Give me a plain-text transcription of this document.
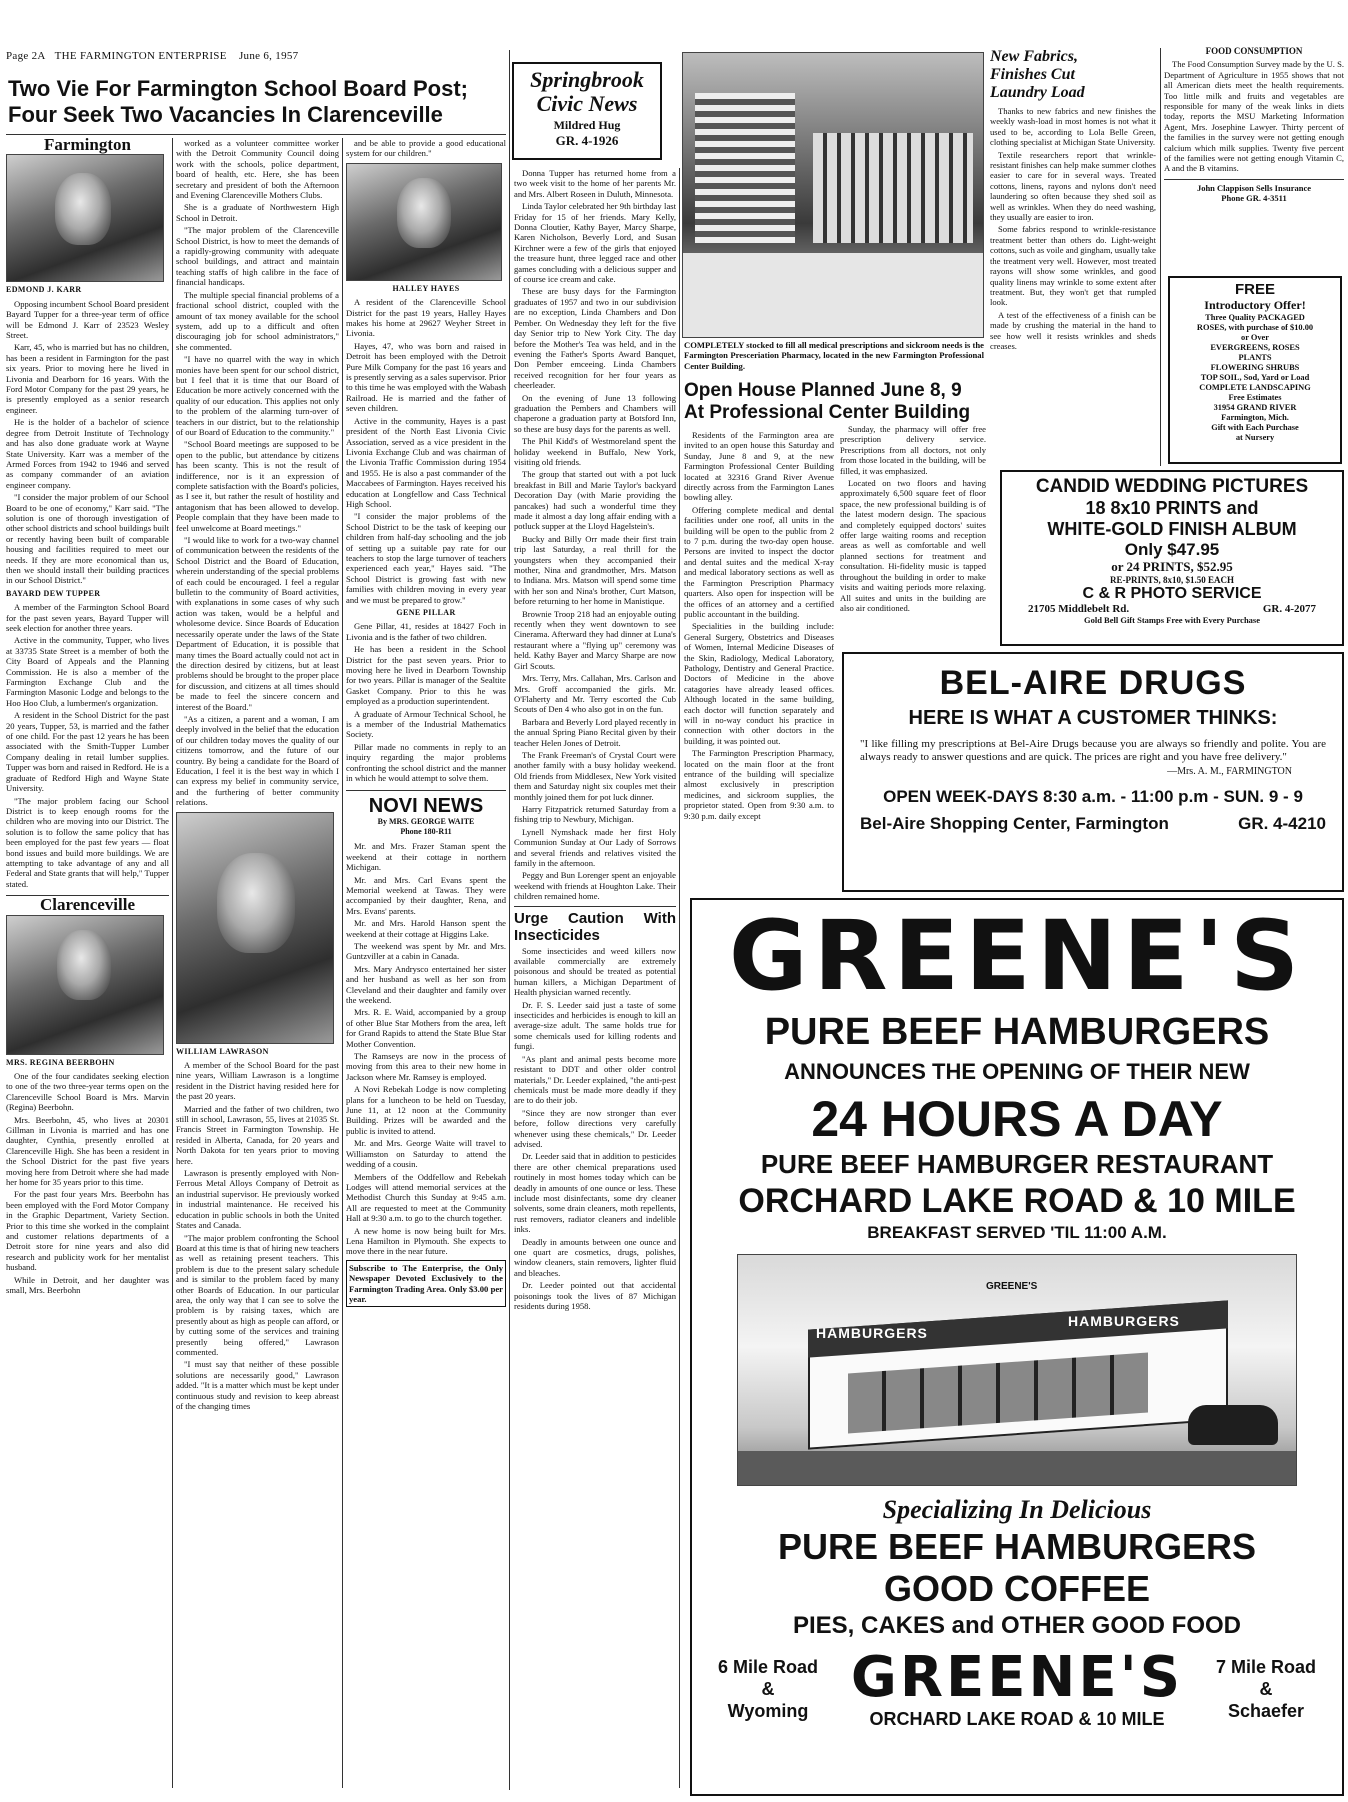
Page 2A THE FARMINGTON ENTERPRISE June 6, 1957
Two Vie For Farmington School Board Post;
Four Seek Two Vacancies In Clarenceville
Farmington
EDMOND J. KARR

Opposing incumbent School Board president Bayard Tupper for a three-year term of office will be Edmond J. Karr of 23523 Wesley Street.

Karr, 45, who is married but has no children, has been a resident in Farmington for the past six years. Prior to moving here he lived in Livonia and Dearborn for 16 years. With the Ford Motor Company for the past 29 years, he is presently employed as a senior research engineer.

He is the holder of a bachelor of science degree from Detroit Institute of Technology and has also done graduate work at Wayne State University. Karr was a member of the Armed Forces from 1942 to 1946 and served as company commander of an aviation engineer company.

"I consider the major problem of our School Board to be one of economy," Karr said. "The solution is one of thorough investigation of other school districts and school buildings built or recently having been built of comparable housing and facilities required to meet our needs. If they are more economical than us, then we should install their building practices in our School District."

BAYARD DEW TUPPER

A member of the Farmington School Board for the past seven years, Bayard Tupper will seek election for another three years.

Active in the community, Tupper, who lives at 33735 State Street is a member of both the City Board of Appeals and the Planning Commission. He is also a member of the Farmington Exchange Club and the Farmington Masonic Lodge and belongs to the Hoo Hoo Club, a lumbermen's organization.

A resident in the School District for the past 20 years, Tupper, 53, is married and the father of one child. For the past 12 years he has been associated with the Smith-Tupper Lumber Company dealing in retail lumber supplies. Tupper was born and raised in Redford. He is a graduate of Redford High and Wayne State University.

"The major problem facing our School District is to keep enough rooms for the children who are moving into our District. The solution is to follow the same policy that has been employed for the past few years — float bond issues and build more buildings. We are attempting to take advantage of any and all Federal and State grants that will help," Tupper stated.

Clarenceville
MRS. REGINA BEERBOHN

One of the four candidates seeking election to one of the two three-year terms open on the Clarenceville School Board is Mrs. Marvin (Regina) Beerbohn.

Mrs. Beerbohn, 45, who lives at 20301 Gillman in Livonia is married and has one daughter, Cynthia, presently enrolled at Clarenceville High. She has been a resident in the School District for the past five years moving here from Detroit where she had made her home for 35 years prior to this time.

For the past four years Mrs. Beerbohn has been employed with the Ford Motor Company in the Graphic Department, Variety Section. Prior to this time she worked in the complaint and customer relations departments of a Detroit store for nine years and also did research and publicity work for her mentalist husband.

While in Detroit, and her daughter was small, Mrs. Beerbohn

worked as a volunteer committee worker with the Detroit Community Council doing work with the schools, police department, board of health, etc. Here, she has been secretary and president of both the Afternoon and Evening Clarenceville Mothers Clubs.

She is a graduate of Northwestern High School in Detroit.

"The major problem of the Clarenceville School District, is how to meet the demands of a rapidly-growing community with adequate school buildings, and attract and maintain teaching staffs of high calibre in the face of financial handicaps.

The multiple special financial problems of a fractional school district, coupled with the amount of tax money available for the school system, add up to a difficult and often discouraging job for school administrators," she commented.

"I have no quarrel with the way in which monies have been spent for our school district, but I feel that it is time that our Board of Education be more actively concerned with the quality of our education. This applies not only to the problem of the alarming turn-over of teachers in our district, but to the relationship of our Board of Education to the community."

"School Board meetings are supposed to be open to the public, but attendance by citizens has been scanty. This is not the result of indifference, nor is it an expression of complete satisfaction with the Board's policies, as I see it, but rather the result of hostility and antagonism that has been allowed to develop. People complain that they have been made to feel unwelcome at Board meetings."

"I would like to work for a two-way channel of communication between the residents of the School District and the Board of Education, wherein understanding of the special problems of each could be encouraged. I feel a regular bulletin to the community of Board activities, with explanations in some cases of why such action was taken, would be a helpful and wholesome device. Since Boards of Education necessarily operate under the laws of the State Department of Education, it is possible that many times the Board actually could not act in the direction desired by citizens, but at least problems should be brought to the proper place for discussion, and citizens at all times should be made to feel the sincere concern and interest of the Board."

"As a citizen, a parent and a woman, I am deeply involved in the belief that the education of our children today moves the quality of our citizens tomorrow, and the future of our country. By being a candidate for the Board of Education, I feel it is the best way in which I can express my belief in community service, and the furthering of better community relations.

WILLIAM LAWRASON

A member of the School Board for the past nine years, William Lawrason is a longtime resident in the District having resided here for the past 20 years.

Married and the father of two children, two still in school, Lawrason, 55, lives at 21035 St. Francis Street in Farmington Township. He resided in Alberta, Canada, for 20 years and North Dakota for ten years prior to moving here.

Lawrason is presently employed with Non-Ferrous Metal Alloys Company of Detroit as an industrial supervisor. He previously worked in industrial maintenance. He received his education in public schools in both the United States and Canada.

"The major problem confronting the School Board at this time is that of hiring new teachers as well as retaining present teachers. This problem is due to the present salary schedule and is similar to the problem faced by many other Boards of Education. In our particular area, the only way that I can see to solve the problem is by raising taxes, which are presently about as high as people can afford, or by cutting some of the services and training presently being offered," Lawrason commented.

"I must say that neither of these possible solutions are necessarily good," Lawrason added. "It is a matter which must be kept under continuous study and revision to keep abreast of the changing times

and be able to provide a good educational system for our children."

HALLEY HAYES

A resident of the Clarenceville School District for the past 19 years, Halley Hayes makes his home at 29627 Weyher Street in Livonia.

Hayes, 47, who was born and raised in Detroit has been employed with the Detroit Pure Milk Company for the past 16 years and is presently serving as a sales supervisor. Prior to this time he was employed with the Wabash Railroad. He is married and the father of seven children.

Active in the community, Hayes is a past president of the North East Livonia Civic Association, served as a vice president in the Livonia Exchange Club and was chairman of the Livonia Traffic Commission during 1954 and 1955. He is also a past commander of the Maccabees of Farmington. Hayes received his education at Longfellow and Cass Technical High School.

"I consider the major problems of the School District to be the task of keeping our children from half-day schooling and the job of setting up a suitable pay rate for our teachers to stop the large turnover of teachers experienced each year," Hayes said. "The School District is growing fast with new families with children moving in every year and we must be prepared to grow."

GENE PILLAR

Gene Pillar, 41, resides at 18427 Foch in Livonia and is the father of two children.

He has been a resident in the School District for the past seven years. Prior to moving here he lived in Dearborn Township for two years. Pillar is manager of the Sealtite Gasket Company. Prior to this he was employed as a production superintendent.

A graduate of Armour Technical School, he is a member of the Industrial Mathematics Society.

Pillar made no comments in reply to an inquiry regarding the major problems confronting the school district and the manner in which he would attempt to solve them.

NOVI NEWS
By MRS. GEORGE WAITE
Phone 180-R11

Mr. and Mrs. Frazer Staman spent the weekend at their cottage in northern Michigan.

Mr. and Mrs. Carl Evans spent the Memorial weekend at Tawas. They were accompanied by their daughter, Rena, and Mrs. Evans' parents.

Mr. and Mrs. Harold Hanson spent the weekend at their cottage at Higgins Lake.

The weekend was spent by Mr. and Mrs. Guntzviller at a cabin in Canada.

Mrs. Mary Andrysco entertained her sister and her husband as well as her son from Cleveland and their daughter and family over the weekend.

Mrs. R. E. Waid, accompanied by a group of other Blue Star Mothers from the area, left for Grand Rapids to attend the State Blue Star Mother Convention.

The Ramseys are now in the process of moving from this area to their new home in Jackson where Mr. Ramsey is employed.

A Novi Rebekah Lodge is now completing plans for a luncheon to be held on Tuesday, June 11, at 12 noon at the Community Building. Prizes will be awarded and the public is invited to attend.

Mr. and Mrs. George Waite will travel to Williamston on Saturday to attend the wedding of a cousin.

Members of the Oddfellow and Rebekah Lodges will attend memorial services at the Methodist Church this Sunday at 9:45 a.m. All are requested to meet at the Community Hall at 9:30 a.m. to go to the church together.

A new home is now being built for Mrs. Lena Hamilton in Plymouth. She expects to move there in the near future.

Subscribe to The Enterprise, the Only Newspaper Devoted Exclusively to the Farmington Trading Area. Only $3.00 per year.
Springbrook
Civic News
Mildred Hug
GR. 4-1926

Donna Tupper has returned home from a two week visit to the home of her parents Mr. and Mrs. Albert Roseen in Duluth, Minnesota.

Linda Taylor celebrated her 9th birthday last Friday for 15 of her friends. Mary Kelly, Donna Cloutier, Kathy Bayer, Marcy Sharpe, Karen Nicholson, Beverly Lord, and Susan Kirchner were a few of the girls that enjoyed the treasure hunt, three legged race and other games concluding with a delicious supper and of course ice cream and cake.

These are busy days for the Farmington graduates of 1957 and two in our subdivision are no exception, Linda Chambers and Don Pember. On Wednesday they left for the five day Senior trip to New York City. The day before the Mother's Tea was held, and in the evening the Father's Sports Award Banquet, Don Pember emceeing. Linda Chambers received recognition for her four years as cheerleader.

On the evening of June 13 following graduation the Pembers and Chambers will chaperone a graduation party at Botsford Inn, so these are busy days for the parents as well.

The Phil Kidd's of Westmoreland spent the holiday weekend in Buffalo, New York, visiting old friends.

The group that started out with a pot luck breakfast in Bill and Marie Taylor's backyard Decoration Day (with Marie providing the pancakes) had such a wonderful time they made it almost a day long affair ending with a potluck supper at the Lloyd Hagelstein's.

Bucky and Billy Orr made their first train trip last Saturday, a real thrill for the youngsters when they accompanied their mother, Nina and grandmother, Mrs. Matson to Indiana. Mrs. Matson will spend some time with her son and Nina's brother, Curt Matson, before returning to her home in Manistique.

Brownie Troop 218 had an enjoyable outing recently when they went downtown to see Cinerama. Afterward they had dinner at Luna's restaurant where a "flying up" ceremony was held. Kathy Bayer and Marcy Sharpe are now Girl Scouts.

Mrs. Terry, Mrs. Callahan, Mrs. Carlson and Mrs. Groff accompanied the girls. Mr. O'Flaherty and Mr. Terry escorted the Cub Scouts of Den 4 who also got in on the fun.

Barbara and Beverly Lord played recently in the annual Spring Piano Recital given by their teacher Helen Jones of Detroit.

The Frank Freeman's of Crystal Court were another family with a busy holiday weekend. Old friends from Middlesex, New York visited them and Saturday night six couples met their monthly joined them for pot luck dinner.

Harry Fitzpatrick returned Saturday from a fishing trip to Newbury, Michigan.

Lynell Nymshack made her first Holy Communion Sunday at Our Lady of Sorrows and several friends and relatives visited the family in the afternoon.

Peggy and Bun Lorenger spent an enjoyable weekend with friends at Houghton Lake. Their children remained home.

Urge Caution With Insecticides

Some insecticides and weed killers now available commercially are extremely poisonous and should be treated as potential human killers, a Michigan Department of Health physician warned recently.

Dr. F. S. Leeder said just a taste of some insecticides and herbicides is enough to kill an average-size adult. The same holds true for some chemicals used for killing rodents and fungi.

"As plant and animal pests become more resistant to DDT and other older control materials," Dr. Leeder explained, "the anti-pest chemicals must be made more deadly if they are to do their job.

"Since they are now stronger than ever before, follow directions very carefully whenever using these chemicals," Dr. Leeder advised.

Dr. Leeder said that in addition to pesticides there are other chemical preparations used routinely in most homes today which can be deadly in amounts of one ounce or less. These include most disinfectants, some dry cleaner solvents, some drain cleaners, moth repellents, rust removers, radiator cleaners and indelible inks.

Deadly in amounts between one ounce and one quart are cosmetics, drugs, polishes, window cleaners, stain removers, lighter fluid and bleaches.

Dr. Leeder pointed out that accidental poisonings took the lives of 87 Michigan residents during 1958.

COMPLETELY stocked to fill all medical prescriptions and sickroom needs is the Farmington Presceriation Pharmacy, located in the new Farmington Professional Center Building.
Open House Planned June 8, 9
At Professional Center Building

Residents of the Farmington area are invited to an open house this Saturday and Sunday, June 8 and 9, at the new Farmington Professional Center Building located at 32316 Grand River Avenue directly across from the Farmington Lanes bowling alley.

Offering complete medical and dental facilities under one roof, all units in the building will be open to the public from 2 to 7 p.m. during the two-day open house. Persons are invited to inspect the doctor and dental suites and the medical X-ray and medical laboratory sections as well as the Farmington Prescription Pharmacy quarters. Also open for inspection will be the offices of an attorney and a certified public accountant in the building.

Specialities in the building include: General Surgery, Obstetrics and Diseases of Women, Internal Medicine Diseases of the Skin, Radiology, Medical Laboratory, Pathology, Dentistry and General Practice. Doctors of Medicine in the above catagories have already leased offices. Although located in the same building, each doctor will function separately and will in no-way conduct his practice in connection with other doctors in the building, it was pointed out.

The Farmington Prescription Pharmacy, located on the main floor at the front entrance of the building will specialize almost exclusively in prescription medicines, and sickroom supplies, the proprietor stated. Open from 9:30 a.m. to 9:30 p.m. daily except

Sunday, the pharmacy will offer free prescription delivery service. Prescriptions from all doctors, not only from those located in the building, will be filled, it was emphasized.

Located on two floors and having approximately 6,500 square feet of floor space, the new professional building is of the latest modern design. The spacious and completely equipped doctors' suites offer large waiting rooms and reception areas as well as comfortable and well planned sections for treatment and consultation. Hi-fidelity music is tapped throughout the building in order to make visits and waiting periods more relaxing. All suites and units in the building are also air conditioned.

New Fabrics,
Finishes Cut
Laundry Load

Thanks to new fabrics and new finishes the weekly wash-load in most homes is not what it used to be, according to Lola Belle Green, clothing specialist at Michigan State University.

Textile researchers report that wrinkle-resistant finishes can help make summer clothes easier to care for in several ways. Treated cottons, linens, rayons and nylons don't need laundering so often because they shed soil as well as wrinkles. When they do need washing, they usually are easier to iron.

Some fabrics respond to wrinkle-resistance treatment better than others do. Light-weight cottons, such as voile and gingham, usually take the treatment very well. However, most treated rayons will show some wrinkles, and good quality linens may wrinkle to some extent after treatment. But, they won't get that rumpled look.

A test of the effectiveness of a finish can be made by crushing the material in the hand to see how well it resists wrinkles and sheds creases.

FOOD CONSUMPTION

The Food Consumption Survey made by the U. S. Department of Agriculture in 1955 shows that not all American diets meet the health requirements. Too little milk and fruits and vegetables are responsible for many of the weak links in diets today, reports the MSU Marketing Information Agent, Mrs. Josephine Lawyer. Thirty percent of the families in the survey were not getting enough calcium which milk supplies. Twenty five percent of the families were not getting enough Vitamin C, A and the B vitamins.

John Clappison Sells Insurance
Phone GR. 4-3511
FREE
Introductory Offer!
Three Quality PACKAGED
ROSES, with purchase of $10.00
or Over
EVERGREENS, ROSES
PLANTS
FLOWERING SHRUBS
TOP SOIL, Sod, Yard or Load
COMPLETE LANDSCAPING
Free Estimates
31954 GRAND RIVER
Farmington, Mich.
Gift with Each Purchase
at Nursery
CANDID WEDDING PICTURES
18 8x10 PRINTS and
WHITE-GOLD FINISH ALBUM
Only $47.95
or 24 PRINTS, $52.95
RE-PRINTS, 8x10, $1.50 EACH
C & R PHOTO SERVICE
21705 Middlebelt Rd.	GR. 4-2077
Gold Bell Gift Stamps Free with Every Purchase
BEL-AIRE DRUGS
HERE IS WHAT A CUSTOMER THINKS:
"I like filling my prescriptions at Bel-Aire Drugs because you are always so friendly and polite. You are always ready to answer questions and are quick. The prices are right and you have free delivery."
—Mrs. A. M., FARMINGTON
OPEN WEEK-DAYS 8:30 a.m. - 11:00 p.m - SUN. 9 - 9
Bel-Aire Shopping Center, Farmington	GR. 4-4210
GREENE'S
PURE BEEF HAMBURGERS
ANNOUNCES THE OPENING OF THEIR NEW
24 HOURS A DAY
PURE BEEF HAMBURGER RESTAURANT
ORCHARD LAKE ROAD & 10 MILE
BREAKFAST SERVED 'TIL 11:00 A.M.
HAMBURGERS
HAMBURGERS
GREENE'S
Specializing In Delicious
PURE BEEF HAMBURGERS
GOOD COFFEE
PIES, CAKES and OTHER GOOD FOOD
6 Mile Road
&
Wyoming
GREENE'S
ORCHARD LAKE ROAD & 10 MILE
7 Mile Road
&
Schaefer
